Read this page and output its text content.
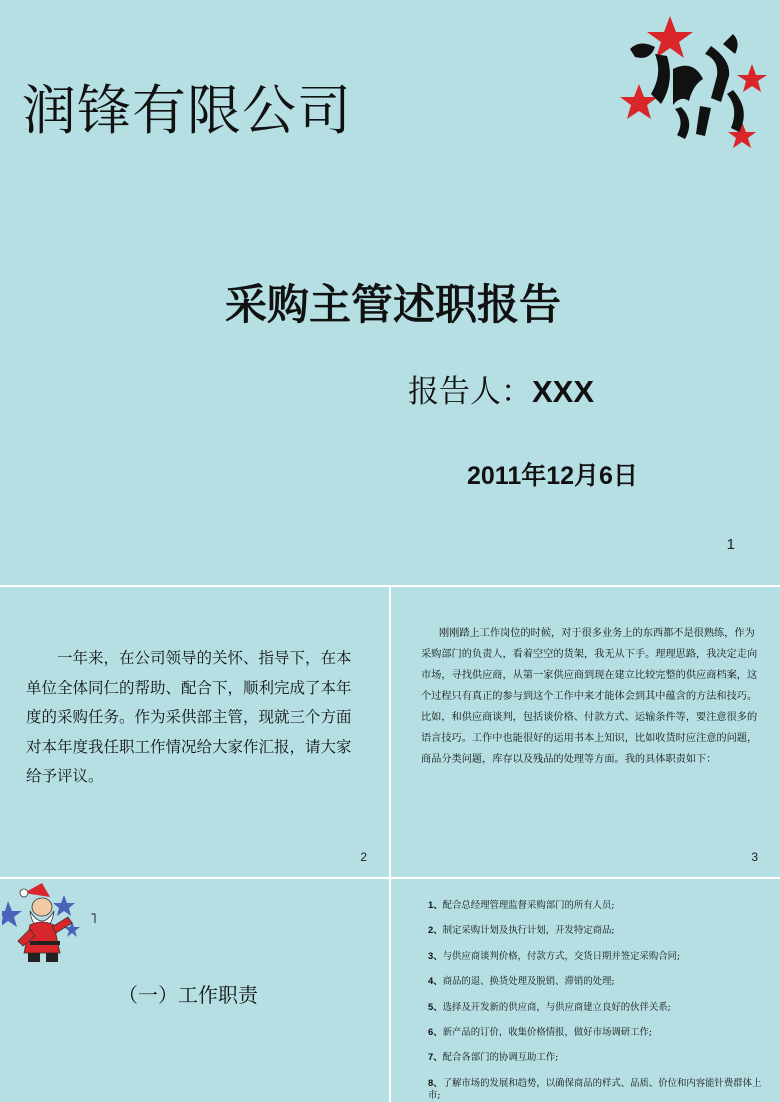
润锋有限公司
采购主管述职报告
报告人：XXX
2011年12月6日
1

一年来，在公司领导的关怀、指导下，在本单位全体同仁的帮助、配合下，顺利完成了本年度的采购任务。作为采供部主管，现就三个方面对本年度我任职工作情况给大家作汇报，请大家给予评议。

2

刚刚踏上工作岗位的时候，对于很多业务上的东西都不是很熟练，作为采购部门的负责人，看着空空的货架，我无从下手。理理思路，我决定走向市场，寻找供应商，从第一家供应商到现在建立比较完整的供应商档案，这个过程只有真正的参与到这个工作中来才能体会到其中蕴含的方法和技巧。比如，和供应商谈判，包括谈价格、付款方式、运输条件等，要注意很多的语言技巧。工作中也能很好的运用书本上知识，比如收货时应注意的问题，商品分类问题，库存以及残品的处理等方面。我的具体职责如下：

3
˥
（一）工作职责
1、配合总经理管理监督采购部门的所有人员;
2、制定采购计划及执行计划，开发特定商品;
3、与供应商谈判价格，付款方式，交货日期并签定采购合同;
4、商品的退、换货处理及脱销、滞销的处理;
5、选择及开发新的供应商，与供应商建立良好的伙伴关系;
6、新产品的订价，收集价格情报，做好市场调研工作;
7、配合各部门的协调互助工作;
8、了解市场的发展和趋势，以确保商品的样式、品质、价位和内容能针费群体上市;
